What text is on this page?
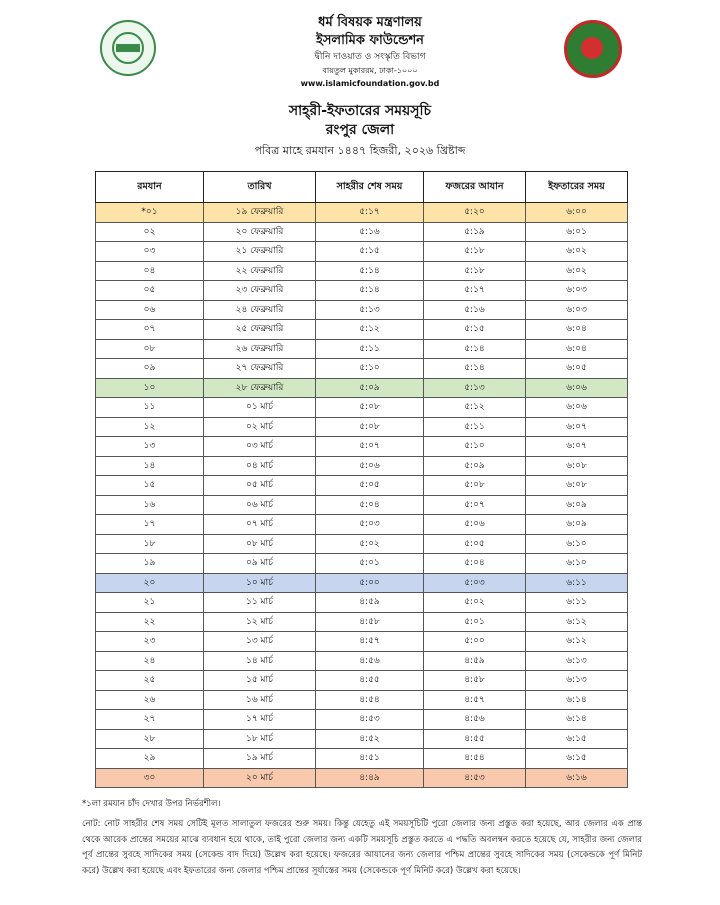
ধর্ম বিষয়ক মন্ত্রণালয়
ইসলামিক ফাউন্ডেশন
দ্বীনি দাওয়াত ও সংস্কৃতি বিভাগ
বায়তুল মুকাররম, ঢাকা-১০০০
www.islamicfoundation.gov.bd
সাহ্‌রী-ইফতারের সময়সূচি
রংপুর জেলা
পবিত্র মাহে রমযান ১৪৪৭ হিজরী, ২০২৬ খ্রিষ্টাব্দ
রমযান	তারিখ	সাহরীর শেষ সময়	ফজরের আযান	ইফতারের সময়
*০১	১৯ ফেব্রুয়ারি	৫:১৭	৫:২০	৬:০০
০২	২০ ফেব্রুয়ারি	৫:১৬	৫:১৯	৬:০১
০৩	২১ ফেব্রুয়ারি	৫:১৫	৫:১৮	৬:০২
০৪	২২ ফেব্রুয়ারি	৫:১৪	৫:১৮	৬:০২
০৫	২৩ ফেব্রুয়ারি	৫:১৪	৫:১৭	৬:০৩
০৬	২৪ ফেব্রুয়ারি	৫:১৩	৫:১৬	৬:০৩
০৭	২৫ ফেব্রুয়ারি	৫:১২	৫:১৫	৬:০৪
০৮	২৬ ফেব্রুয়ারি	৫:১১	৫:১৪	৬:০৪
০৯	২৭ ফেব্রুয়ারি	৫:১০	৫:১৪	৬:০৫
১০	২৮ ফেব্রুয়ারি	৫:০৯	৫:১৩	৬:০৬
১১	০১ মার্চ	৫:০৮	৫:১২	৬:০৬
১২	০২ মার্চ	৫:০৮	৫:১১	৬:০৭
১৩	০৩ মার্চ	৫:০৭	৫:১০	৬:০৭
১৪	০৪ মার্চ	৫:০৬	৫:০৯	৬:০৮
১৫	০৫ মার্চ	৫:০৫	৫:০৮	৬:০৮
১৬	০৬ মার্চ	৫:০৪	৫:০৭	৬:০৯
১৭	০৭ মার্চ	৫:০৩	৫:০৬	৬:০৯
১৮	০৮ মার্চ	৫:০২	৫:০৫	৬:১০
১৯	০৯ মার্চ	৫:০১	৫:০৪	৬:১০
২০	১০ মার্চ	৫:০০	৫:০৩	৬:১১
২১	১১ মার্চ	৪:৫৯	৫:০২	৬:১১
২২	১২ মার্চ	৪:৫৮	৫:০১	৬:১২
২৩	১৩ মার্চ	৪:৫৭	৫:০০	৬:১২
২৪	১৪ মার্চ	৪:৫৬	৪:৫৯	৬:১৩
২৫	১৫ মার্চ	৪:৫৫	৪:৫৮	৬:১৩
২৬	১৬ মার্চ	৪:৫৪	৪:৫৭	৬:১৪
২৭	১৭ মার্চ	৪:৫৩	৪:৫৬	৬:১৪
২৮	১৮ মার্চ	৪:৫২	৪:৫৫	৬:১৫
২৯	১৯ মার্চ	৪:৫১	৪:৫৪	৬:১৫
৩০	২০ মার্চ	৪:৪৯	৪:৫৩	৬:১৬
*১লা রমযান চাঁদ দেখার উপর নির্ভরশীল।
নোট: নোট সাহরীর শেষ সময় সেটিই মূলত সালাতুল ফজরের শুরু সময়। কিন্তু যেহেতু এই সময়সূচিটি পুরো জেলার জন্য প্রস্তুত করা হয়েছে, আর জেলার এক প্রান্ত থেকে আরেক প্রান্তের সময়ের মাঝে ব্যবধান হয়ে থাকে, তাই পুরো জেলার জন্য একটি সময়সূচি প্রস্তুত করতে এ পদ্ধতি অবলম্বন করতে হয়েছে যে, সাহরীর জন্য জেলার পূর্ব প্রান্তের সুবহে সাদিকের সময় (সেকেন্ড বাদ দিয়ে) উল্লেখ করা হয়েছে। ফজরের আযানের জন্য জেলার পশ্চিম প্রান্তের সুবহে সাদিকের সময় (সেকেন্ডকে পূর্ণ মিনিট করে) উল্লেখ করা হয়েছে এবং ইফতারের জন্য জেলার পশ্চিম প্রান্তের সূর্যাস্তের সময় (সেকেন্ডকে পূর্ণ মিনিট করে) উল্লেখ করা হয়েছে।
